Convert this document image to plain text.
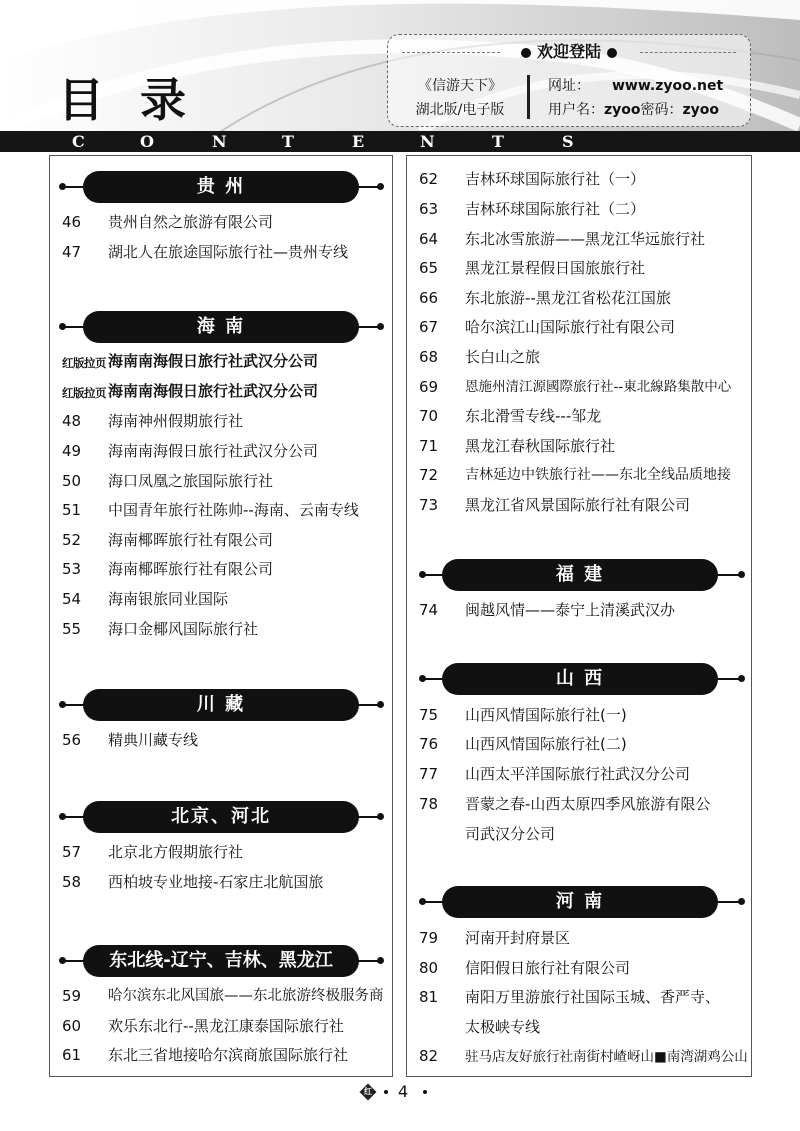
目 录
C	O	N	T	E	N	T	S
欢迎登陆
《信游天下》
湖北版/电子版
网址： www.zyoo.net
用户名：zyoo密码：zyoo
贵 州
46	贵州自然之旅游有限公司
47	湖北人在旅途国际旅行社—贵州专线
海 南
红版拉页 海南南海假日旅行社武汉分公司
红版拉页 海南南海假日旅行社武汉分公司
48	海南神州假期旅行社
49	海南南海假日旅行社武汉分公司
50	海口凤凰之旅国际旅行社
51	中国青年旅行社陈帅--海南、云南专线
52	海南椰晖旅行社有限公司
53	海南椰晖旅行社有限公司
54	海南银旅同业国际
55	海口金椰风国际旅行社
川 藏
56	精典川藏专线
北京、河北
57	北京北方假期旅行社
58	西柏坡专业地接-石家庄北航国旅
东北线-辽宁、吉林、黑龙江
59	哈尔滨东北风国旅——东北旅游终极服务商
60	欢乐东北行--黑龙江康泰国际旅行社
61	东北三省地接哈尔滨商旅国际旅行社
62	吉林环球国际旅行社（一）
63	吉林环球国际旅行社（二）
64	东北冰雪旅游——黑龙江华远旅行社
65	黑龙江景程假日国旅旅行社
66	东北旅游--黑龙江省松花江国旅
67	哈尔滨江山国际旅行社有限公司
68	长白山之旅
69	恩施州清江源國際旅行社--東北線路集散中心
70	东北滑雪专线---邹龙
71	黑龙江春秋国际旅行社
72	吉林延边中铁旅行社——东北全线品质地接
73	黑龙江省风景国际旅行社有限公司
福 建
74	闽越风情——泰宁上清溪武汉办
山 西
75	山西风情国际旅行社(一)
76	山西风情国际旅行社(二)
77	山西太平洋国际旅行社武汉分公司
78	晋蒙之春-山西太原四季风旅游有限公
司武汉分公司
河 南
79	河南开封府景区
80	信阳假日旅行社有限公司
81	南阳万里游旅行社国际玉城、香严寺、
太极峡专线
82	驻马店友好旅行社南街村嵖岈山■南湾湖鸡公山
红 4
